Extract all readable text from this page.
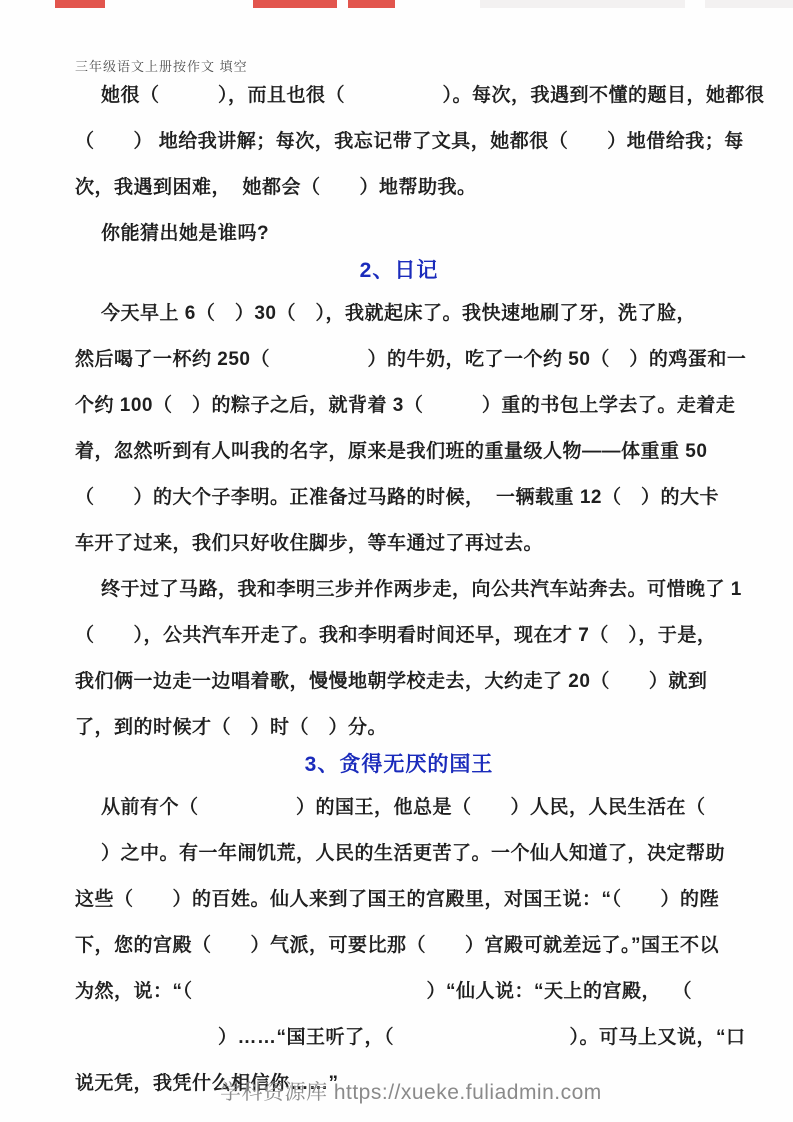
三年级语文上册按作文 填空
她很（　　　），而且也很（　　　　　）。每次，我遇到不懂的题目，她都很
（　　） 地给我讲解；每次，我忘记带了文具，她都很（　　）地借给我；每
次，我遇到困难，  她都会（　　）地帮助我。
你能猜出她是谁吗?
2、日记
今天早上 6（　）30（　），我就起床了。我快速地刷了牙，洗了脸，
然后喝了一杯约 250（　　　　　）的牛奶，吃了一个约 50（　）的鸡蛋和一
个约 100（　）的粽子之后，就背着 3（　　　）重的书包上学去了。走着走
着，忽然听到有人叫我的名字，原来是我们班的重量级人物——体重重 50
（　　）的大个子李明。正准备过马路的时候，  一辆载重 12（　）的大卡
车开了过来，我们只好收住脚步，等车通过了再过去。
终于过了马路，我和李明三步并作两步走，向公共汽车站奔去。可惜晚了 1
（　　），公共汽车开走了。我和李明看时间还早，现在才 7（　），于是，
我们俩一边走一边唱着歌，慢慢地朝学校走去，大约走了 20（　　）就到
了，到的时候才（　）时（　）分。
3、贪得无厌的国王
从前有个（　　　　　）的国王，他总是（　　）人民，人民生活在（
）之中。有一年闹饥荒，人民的生活更苦了。一个仙人知道了，决定帮助
这些（　　）的百姓。仙人来到了国王的宫殿里，对国王说：“（　　）的陛
下，您的宫殿（　　）气派，可要比那（　　）宫殿可就差远了。”国王不以
为然，说：“（　　　　　　　　　　　　）“仙人说：“天上的宫殿，  （
　　　　　　）……“国王听了，（　　　　　　　　　）。可马上又说，“口
说无凭，我凭什么相信你……”
学科资源库 https://xueke.fuliadmin.com
